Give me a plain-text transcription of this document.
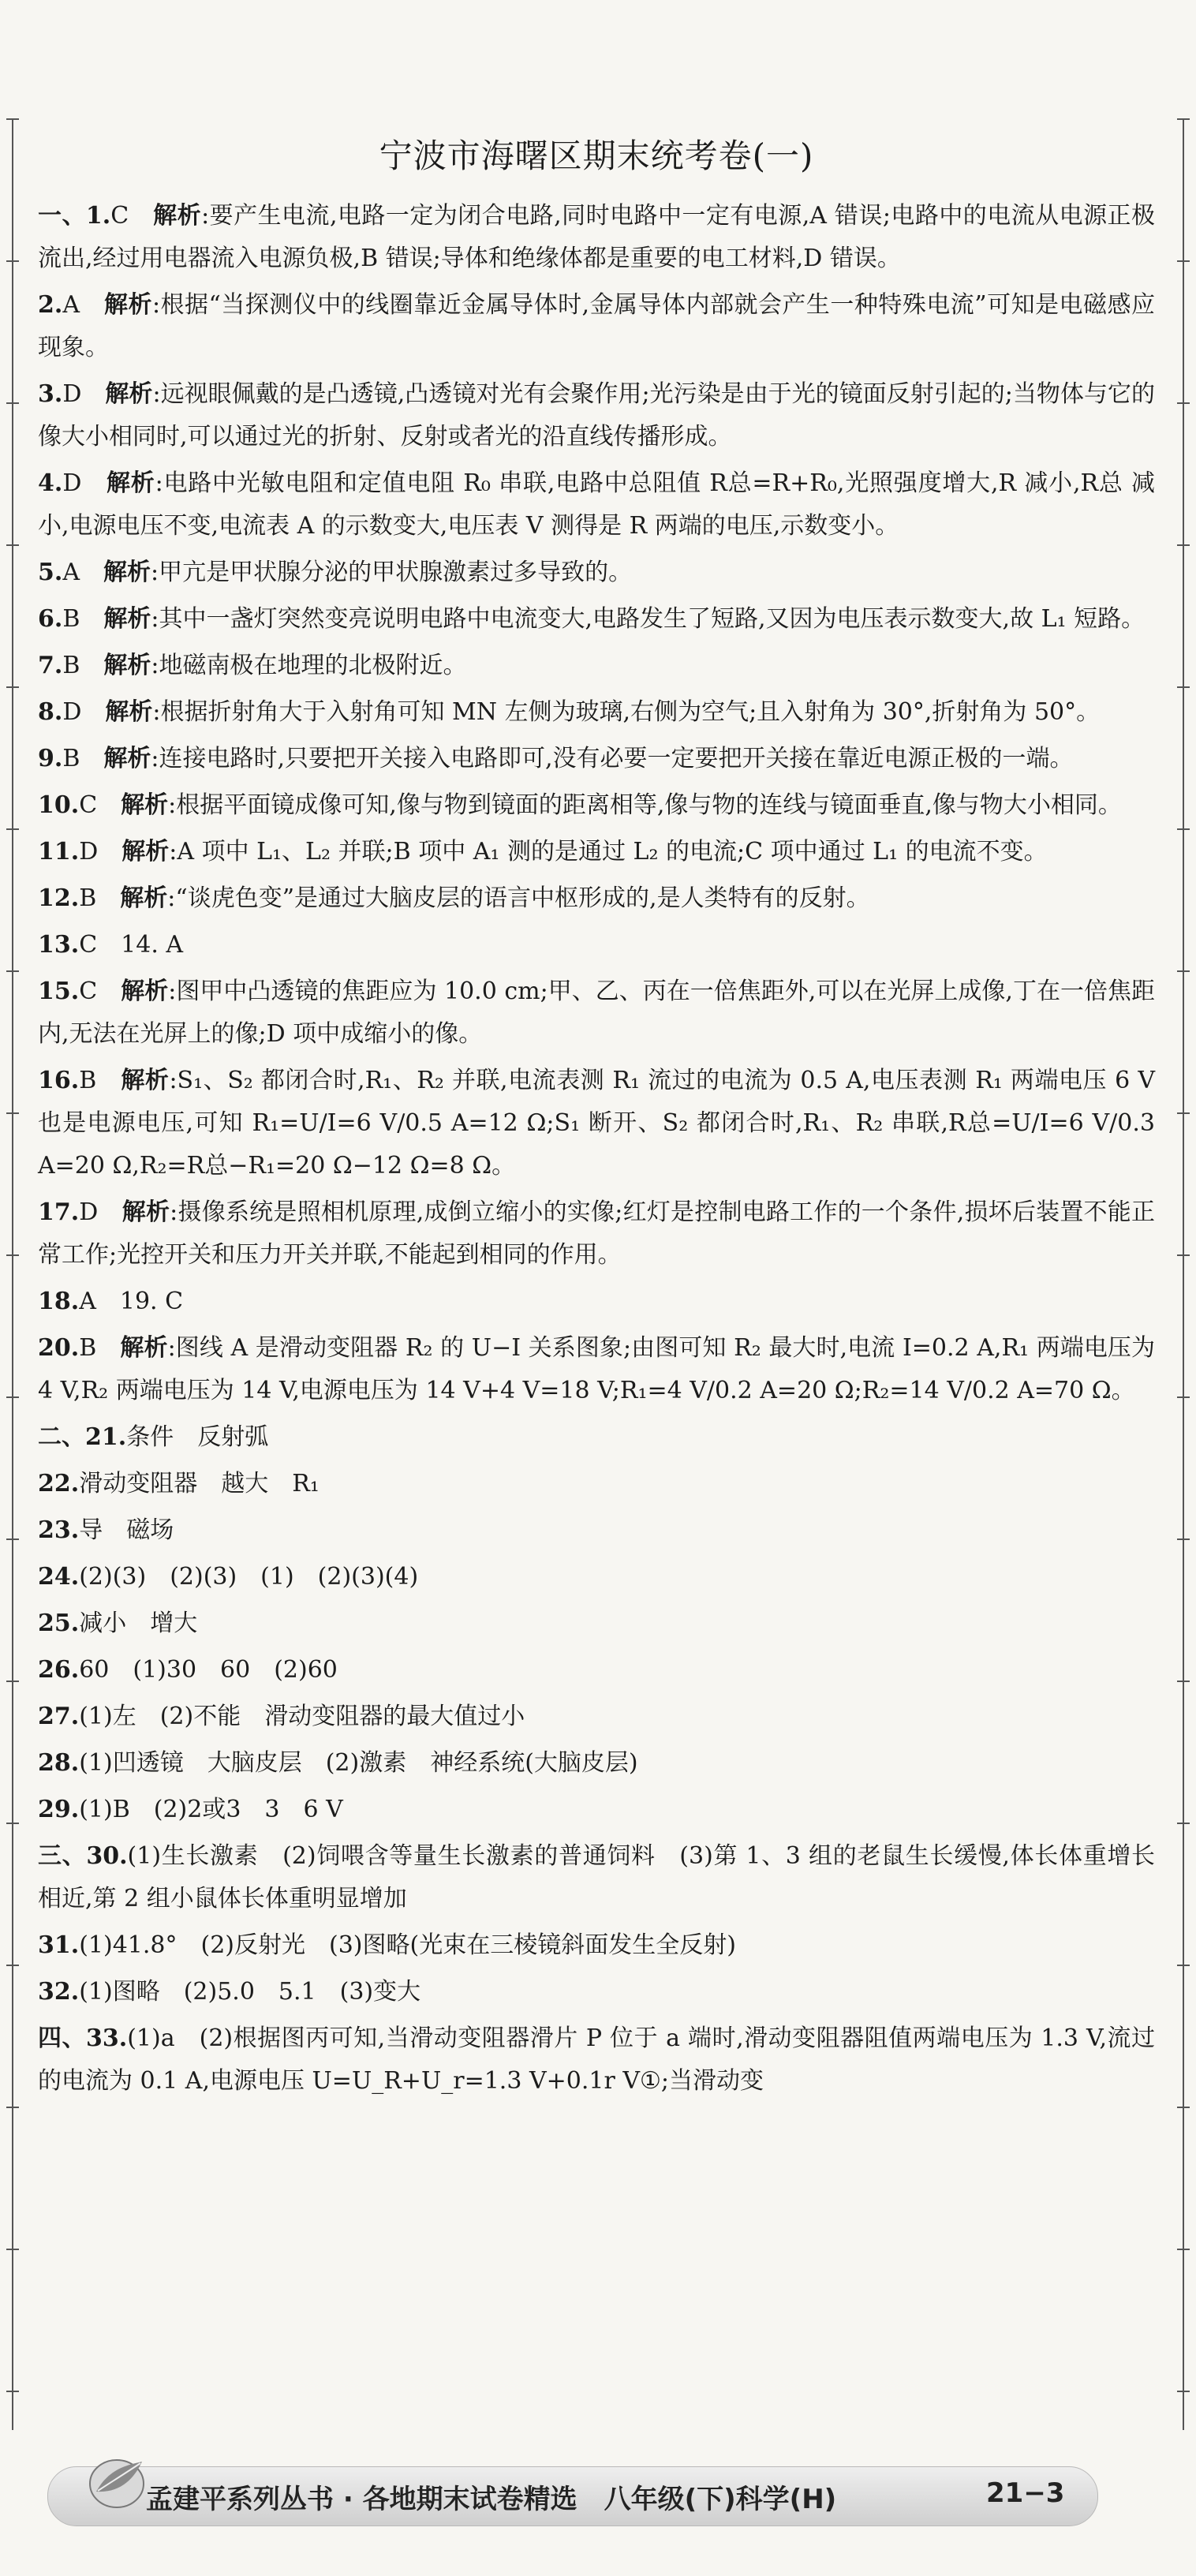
宁波市海曙区期末统考卷(一)

一、1.C　 解析:要产生电流,电路一定为闭合电路,同时电路中一定有电源,A 错误;电路中的电流从电源正极流出,经过用电器流入电源负极,B 错误;导体和绝缘体都是重要的电工材料,D 错误。

2.A　 解析:根据“当探测仪中的线圈靠近金属导体时,金属导体内部就会产生一种特殊电流”可知是电磁感应现象。

3.D　 解析:远视眼佩戴的是凸透镜,凸透镜对光有会聚作用;光污染是由于光的镜面反射引起的;当物体与它的像大小相同时,可以通过光的折射、反射或者光的沿直线传播形成。

4.D　 解析:电路中光敏电阻和定值电阻 R₀ 串联,电路中总阻值 R总=R+R₀,光照强度增大,R 减小,R总 减小,电源电压不变,电流表 A 的示数变大,电压表 V 测得是 R 两端的电压,示数变小。

5.A　 解析:甲亢是甲状腺分泌的甲状腺激素过多导致的。

6.B　 解析:其中一盏灯突然变亮说明电路中电流变大,电路发生了短路,又因为电压表示数变大,故 L₁ 短路。

7.B　 解析:地磁南极在地理的北极附近。

8.D　 解析:根据折射角大于入射角可知 MN 左侧为玻璃,右侧为空气;且入射角为 30°,折射角为 50°。

9.B　 解析:连接电路时,只要把开关接入电路即可,没有必要一定要把开关接在靠近电源正极的一端。

10.C　 解析:根据平面镜成像可知,像与物到镜面的距离相等,像与物的连线与镜面垂直,像与物大小相同。

11.D　 解析:A 项中 L₁、L₂ 并联;B 项中 A₁ 测的是通过 L₂ 的电流;C 项中通过 L₁ 的电流不变。

12.B　 解析:“谈虎色变”是通过大脑皮层的语言中枢形成的,是人类特有的反射。

13.C　 14. A

15.C　 解析:图甲中凸透镜的焦距应为 10.0 cm;甲、乙、丙在一倍焦距外,可以在光屏上成像,丁在一倍焦距内,无法在光屏上的像;D 项中成缩小的像。

16.B　 解析:S₁、S₂ 都闭合时,R₁、R₂ 并联,电流表测 R₁ 流过的电流为 0.5 A,电压表测 R₁ 两端电压 6 V 也是电源电压,可知 R₁=U/I=6 V/0.5 A=12 Ω;S₁ 断开、S₂ 都闭合时,R₁、R₂ 串联,R总=U/I=6 V/0.3 A=20 Ω,R₂=R总−R₁=20 Ω−12 Ω=8 Ω。

17.D　 解析:摄像系统是照相机原理,成倒立缩小的实像;红灯是控制电路工作的一个条件,损坏后装置不能正常工作;光控开关和压力开关并联,不能起到相同的作用。

18.A　 19. C

20.B　 解析:图线 A 是滑动变阻器 R₂ 的 U−I 关系图象;由图可知 R₂ 最大时,电流 I=0.2 A,R₁ 两端电压为 4 V,R₂ 两端电压为 14 V,电源电压为 14 V+4 V=18 V;R₁=4 V/0.2 A=20 Ω;R₂=14 V/0.2 A=70 Ω。

二、21.条件　反射弧

22.滑动变阻器　越大　R₁

23.导　磁场

24.(2)(3)　(2)(3)　(1)　(2)(3)(4)

25.减小　增大

26.60　(1)30　60　(2)60

27.(1)左　(2)不能　滑动变阻器的最大值过小

28.(1)凹透镜　大脑皮层　(2)激素　神经系统(大脑皮层)

29.(1)B　(2)2或3　3　6 V

三、30.(1)生长激素　(2)饲喂含等量生长激素的普通饲料　(3)第 1、3 组的老鼠生长缓慢,体长体重增长相近,第 2 组小鼠体长体重明显增加

31.(1)41.8°　(2)反射光　(3)图略(光束在三棱镜斜面发生全反射)

32.(1)图略　(2)5.0　5.1　(3)变大

四、33.(1)a　(2)根据图丙可知,当滑动变阻器滑片 P 位于 a 端时,滑动变阻器阻值两端电压为 1.3 V,流过的电流为 0.1 A,电源电压 U=U_R+U_r=1.3 V+0.1r V①;当滑动变

孟建平系列丛书 · 各地期末试卷精选　八年级(下)科学(H)	21−3
